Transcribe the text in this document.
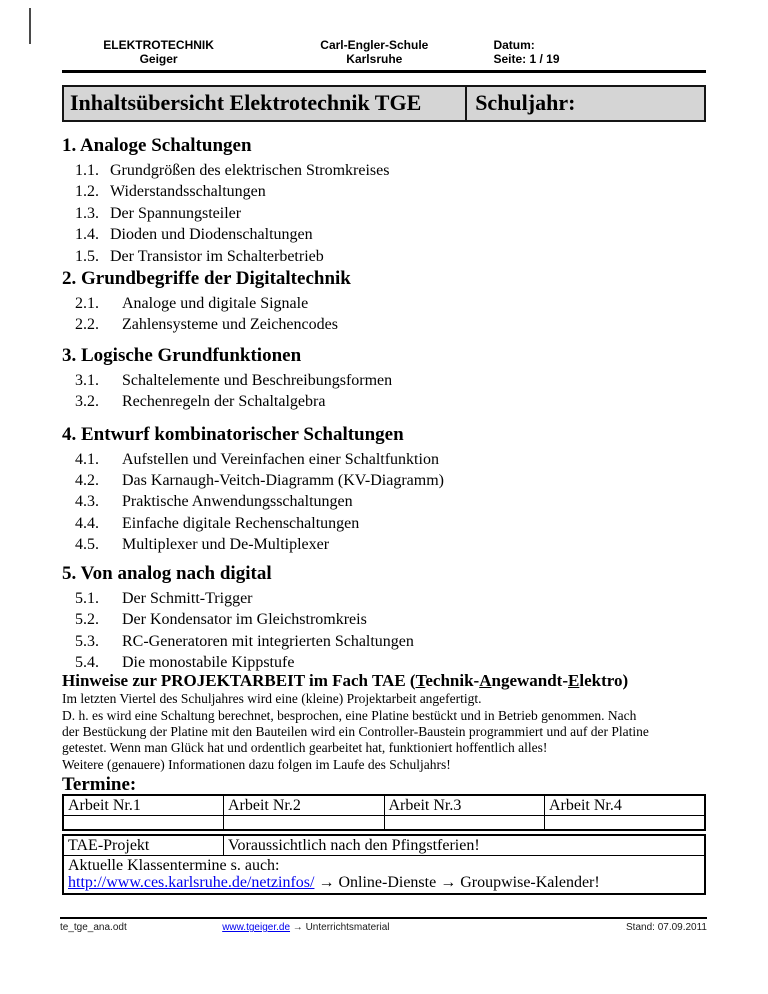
ELEKTROTECHNIK
Geiger
Carl-Engler-Schule
Karlsruhe
Datum:
Seite: 1 / 19
Inhaltsübersicht Elektrotechnik TGE	Schuljahr:
1. Analoge Schaltungen
1.1. Grundgrößen des elektrischen Stromkreises
1.2. Widerstandsschaltungen
1.3. Der Spannungsteiler
1.4. Dioden und Diodenschaltungen
1.5. Der Transistor im Schalterbetrieb
2. Grundbegriffe der Digitaltechnik
2.1.	Analoge und digitale Signale
2.2.	Zahlensysteme und Zeichencodes
3. Logische Grundfunktionen
3.1.	Schaltelemente und Beschreibungsformen
3.2.	Rechenregeln der Schaltalgebra
4. Entwurf kombinatorischer Schaltungen
4.1.	Aufstellen und Vereinfachen einer Schaltfunktion
4.2.	Das Karnaugh-Veitch-Diagramm (KV-Diagramm)
4.3.	Praktische Anwendungsschaltungen
4.4.	Einfache digitale Rechenschaltungen
4.5.	Multiplexer und De-Multiplexer
5. Von analog nach digital
5.1.	Der Schmitt-Trigger
5.2.	Der Kondensator im Gleichstromkreis
5.3.	RC-Generatoren mit integrierten Schaltungen
5.4.	Die monostabile Kippstufe
Hinweise zur PROJEKTARBEIT im Fach TAE (Technik-Angewandt-Elektro)
Im letzten Viertel des Schuljahres wird eine (kleine) Projektarbeit angefertigt.
D. h. es wird eine Schaltung berechnet, besprochen, eine Platine bestückt und in Betrieb genommen. Nach
der Bestückung der Platine mit den Bauteilen wird ein Controller-Baustein programmiert und auf der Platine
getestet. Wenn man Glück hat und ordentlich gearbeitet hat, funktioniert hoffentlich alles!
Weitere (genauere) Informationen dazu folgen im Laufe des Schuljahrs!
Termine:
Arbeit Nr.1	Arbeit Nr.2	Arbeit Nr.3	Arbeit Nr.4

TAE-Projekt	Voraussichtlich nach den Pfingstferien!

Aktuelle Klassentermine s. auch:
http://www.ces.karlsruhe.de/netzinfos/ → Online-Dienste → Groupwise-Kalender!
te_tge_ana.odt	www.tgeiger.de → Unterrichtsmaterial	Stand: 07.09.2011
